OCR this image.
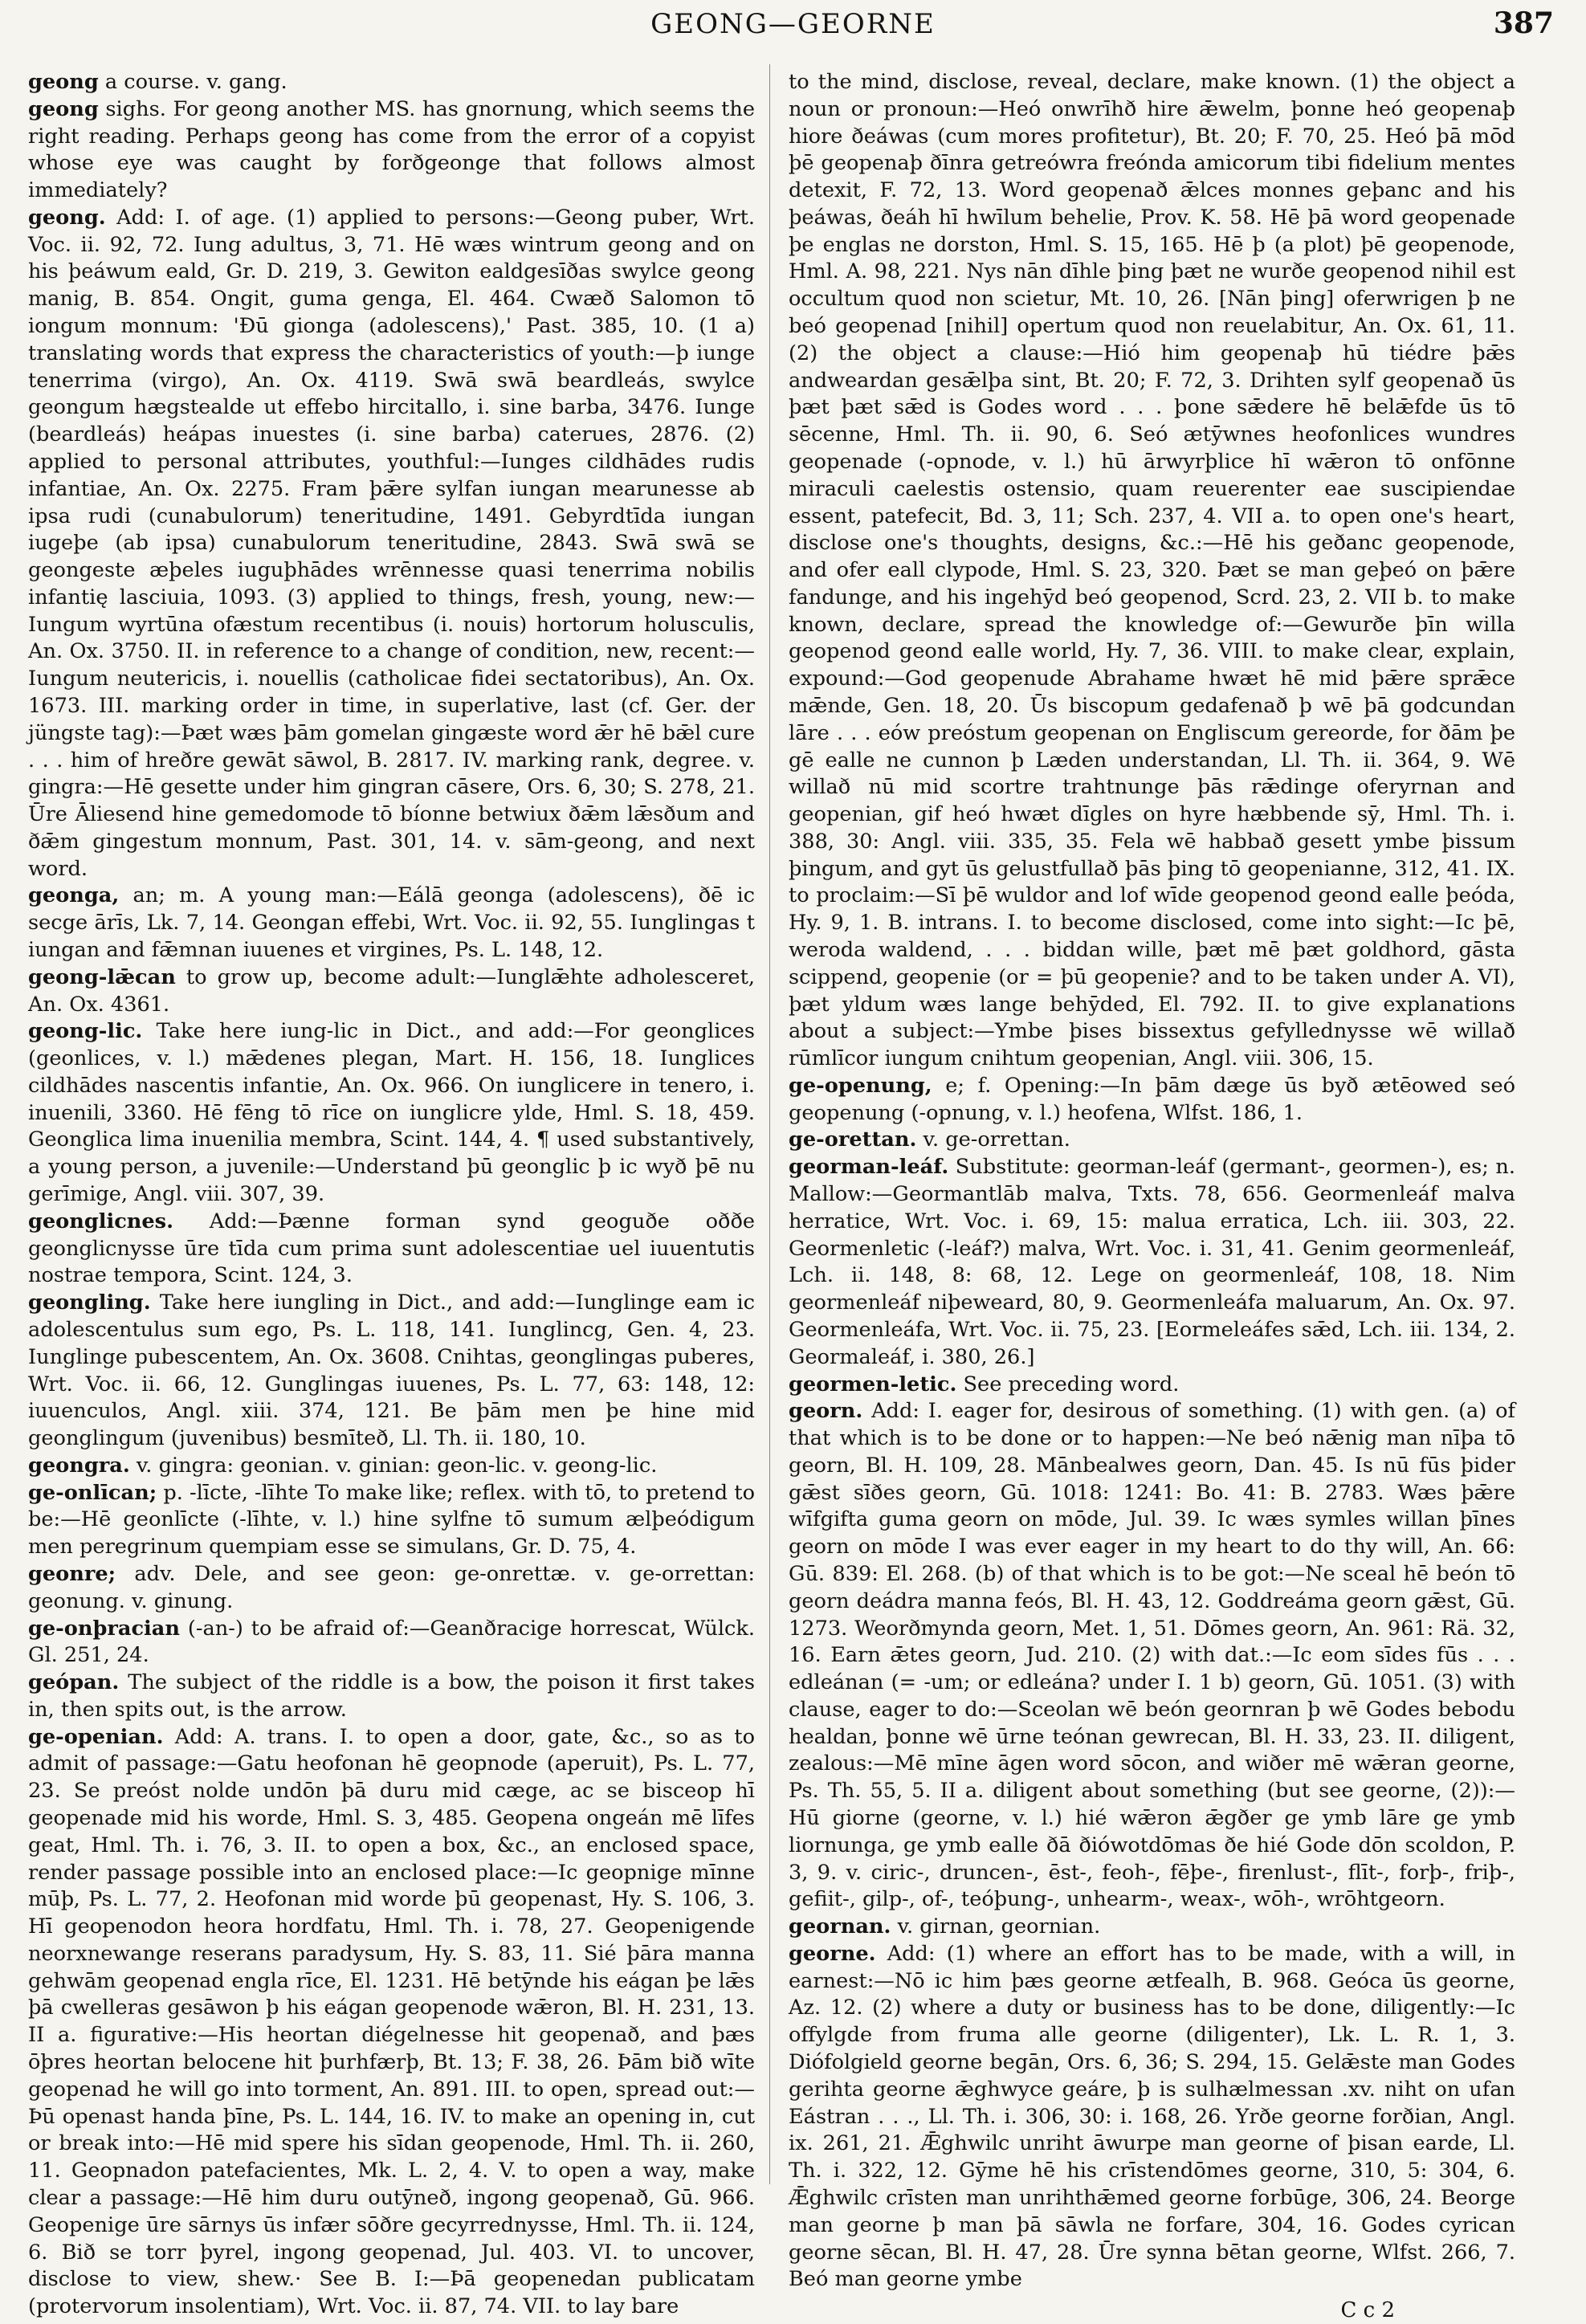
GEONG—GEORNE	387

geong a course. v. gang.

geong sighs. For geong another MS. has gnornung, which seems the right reading. Perhaps geong has come from the error of a copyist whose eye was caught by forðgeonge that follows almost immediately?

geong. Add: I. of age. (1) applied to persons:—Geong puber, Wrt. Voc. ii. 92, 72. Iung adultus, 3, 71. Hē wæs wintrum geong and on his þeáwum eald, Gr. D. 219, 3. Gewiton ealdgesīðas swylce geong manig, B. 854. Ongit, guma genga, El. 464. Cwæð Salomon tō iongum monnum: 'Ðū gionga (adolescens),' Past. 385, 10. (1 a) translating words that express the characteristics of youth:—þ iunge tenerrima (virgo), An. Ox. 4119. Swā swā beardleás, swylce geongum hægstealde ut effebo hircitallo, i. sine barba, 3476. Iunge (beardleás) heápas inuestes (i. sine barba) caterues, 2876. (2) applied to personal attributes, youthful:—Iunges cildhādes rudis infantiae, An. Ox. 2275. Fram þǣre sylfan iungan mearunesse ab ipsa rudi (cunabulorum) teneritudine, 1491. Gebyrdtīda iungan iugeþe (ab ipsa) cunabulorum teneritudine, 2843. Swā swā se geongeste æþeles iuguþhādes wrēnnesse quasi tenerrima nobilis infantię lasciuia, 1093. (3) applied to things, fresh, young, new:—Iungum wyrtūna ofæstum recentibus (i. nouis) hortorum holusculis, An. Ox. 3750. II. in reference to a change of condition, new, recent:—Iungum neutericis, i. nouellis (catholicae fidei sectatoribus), An. Ox. 1673. III. marking order in time, in superlative, last (cf. Ger. der jüngste tag):—Þæt wæs þām gomelan gingæste word ǣr hē bǣl cure . . . him of hreðre gewāt sāwol, B. 2817. IV. marking rank, degree. v. gingra:—Hē gesette under him gingran cāsere, Ors. 6, 30; S. 278, 21. Ūre Āliesend hine gemedomode tō bíonne betwiux ðǣm lǣsðum and ðǣm gingestum monnum, Past. 301, 14. v. sām-geong, and next word.

geonga, an; m. A young man:—Eálā geonga (adolescens), ðē ic secge ārīs, Lk. 7, 14. Geongan effebi, Wrt. Voc. ii. 92, 55. Iunglingas t iungan and fǣmnan iuuenes et virgines, Ps. L. 148, 12.

geong-lǣcan to grow up, become adult:—Iunglǣhte adholesceret, An. Ox. 4361.

geong-lic. Take here iung-lic in Dict., and add:—For geonglices (geonlices, v. l.) mǣdenes plegan, Mart. H. 156, 18. Iunglices cildhādes nascentis infantie, An. Ox. 966. On iunglicere in tenero, i. inuenili, 3360. Hē fēng tō rīce on iunglicre ylde, Hml. S. 18, 459. Geonglica lima inuenilia membra, Scint. 144, 4. ¶ used substantively, a young person, a juvenile:—Understand þū geonglic þ ic wyð þē nu gerīmige, Angl. viii. 307, 39.

geonglicnes. Add:—Þænne forman synd geoguðe oððe geonglicnysse ūre tīda cum prima sunt adolescentiae uel iuuentutis nostrae tempora, Scint. 124, 3.

geongling. Take here iungling in Dict., and add:—Iunglinge eam ic adolescentulus sum ego, Ps. L. 118, 141. Iunglincg, Gen. 4, 23. Iunglinge pubescentem, An. Ox. 3608. Cnihtas, geonglingas puberes, Wrt. Voc. ii. 66, 12. Gunglingas iuuenes, Ps. L. 77, 63: 148, 12: iuuenculos, Angl. xiii. 374, 121. Be þām men þe hine mid geonglingum (juvenibus) besmīteð, Ll. Th. ii. 180, 10.

geongra. v. gingra: geonian. v. ginian: geon-lic. v. geong-lic.

ge-onlīcan; p. -līcte, -līhte To make like; reflex. with tō, to pretend to be:—Hē geonlīcte (-līhte, v. l.) hine sylfne tō sumum ælþeódigum men peregrinum quempiam esse se simulans, Gr. D. 75, 4.

geonre; adv. Dele, and see geon: ge-onrettæ. v. ge-orrettan: geonung. v. ginung.

ge-onþracian (-an-) to be afraid of:—Geanðracige horrescat, Wülck. Gl. 251, 24.

geópan. The subject of the riddle is a bow, the poison it first takes in, then spits out, is the arrow.

ge-openian. Add: A. trans. I. to open a door, gate, &c., so as to admit of passage:—Gatu heofonan hē geopnode (aperuit), Ps. L. 77, 23. Se preóst nolde undōn þā duru mid cæge, ac se bisceop hī geopenade mid his worde, Hml. S. 3, 485. Geopena ongeán mē līfes geat, Hml. Th. i. 76, 3. II. to open a box, &c., an enclosed space, render passage possible into an enclosed place:—Ic geopnige mīnne mūþ, Ps. L. 77, 2. Heofonan mid worde þū geopenast, Hy. S. 106, 3. Hī geopenodon heora hordfatu, Hml. Th. i. 78, 27. Geopenigende neorxnewange reserans paradysum, Hy. S. 83, 11. Sié þāra manna gehwām geopenad engla rīce, El. 1231. Hē betȳnde his eágan þe lǣs þā cwelleras gesāwon þ his eágan geopenode wǣron, Bl. H. 231, 13. II a. figurative:—His heortan diégelnesse hit geopenað, and þæs ōþres heortan belocene hit þurhfærþ, Bt. 13; F. 38, 26. Þām bið wīte geopenad he will go into torment, An. 891. III. to open, spread out:—Þū openast handa þīne, Ps. L. 144, 16. IV. to make an opening in, cut or break into:—Hē mid spere his sīdan geopenode, Hml. Th. ii. 260, 11. Geopnadon patefacientes, Mk. L. 2, 4. V. to open a way, make clear a passage:—Hē him duru outȳneð, ingong geopenað, Gū. 966. Geopenige ūre sārnys ūs infær sōðre gecyrrednysse, Hml. Th. ii. 124, 6. Bið se torr þyrel, ingong geopenad, Jul. 403. VI. to uncover, disclose to view, shew.· See B. I:—Þā geopenedan publicatam (protervorum insolentiam), Wrt. Voc. ii. 87, 74. VII. to lay bare

to the mind, disclose, reveal, declare, make known. (1) the object a noun or pronoun:—Heó onwrīhð hire ǣwelm, þonne heó geopenaþ hiore ðeáwas (cum mores profitetur), Bt. 20; F. 70, 25. Heó þā mōd þē geopenaþ ðīnra getreówra freónda amicorum tibi fidelium mentes detexit, F. 72, 13. Word geopenað ǣlces monnes geþanc and his þeáwas, ðeáh hī hwīlum behelie, Prov. K. 58. Hē þā word geopenade þe englas ne dorston, Hml. S. 15, 165. Hē þ (a plot) þē geopenode, Hml. A. 98, 221. Nys nān dīhle þing þæt ne wurðe geopenod nihil est occultum quod non scietur, Mt. 10, 26. [Nān þing] oferwrigen þ ne beó geopenad [nihil] opertum quod non reuelabitur, An. Ox. 61, 11. (2) the object a clause:—Hió him geopenaþ hū tiédre þǣs andweardan gesǣlþa sint, Bt. 20; F. 72, 3. Drihten sylf geopenað ūs þæt þæt sǣd is Godes word . . . þone sǣdere hē belǣfde ūs tō sēcenne, Hml. Th. ii. 90, 6. Seó ætȳwnes heofonlices wundres geopenade (-opnode, v. l.) hū ārwyrþlice hī wǣron tō onfōnne miraculi caelestis ostensio, quam reuerenter eae suscipiendae essent, patefecit, Bd. 3, 11; Sch. 237, 4. VII a. to open one's heart, disclose one's thoughts, designs, &c.:—Hē his geðanc geopenode, and ofer eall clypode, Hml. S. 23, 320. Þæt se man geþeó on þǣre fandunge, and his ingehȳd beó geopenod, Scrd. 23, 2. VII b. to make known, declare, spread the knowledge of:—Gewurðe þīn willa geopenod geond ealle world, Hy. 7, 36. VIII. to make clear, explain, expound:—God geopenude Abrahame hwæt hē mid þǣre sprǣce mǣnde, Gen. 18, 20. Ūs biscopum gedafenað þ wē þā godcundan lāre . . . eów preóstum geopenan on Engliscum gereorde, for ðām þe gē ealle ne cunnon þ Læden understandan, Ll. Th. ii. 364, 9. Wē willað nū mid scortre trahtnunge þās rǣdinge oferyrnan and geopenian, gif heó hwæt dīgles on hyre hæbbende sȳ, Hml. Th. i. 388, 30: Angl. viii. 335, 35. Fela wē habbað gesett ymbe þissum þingum, and gyt ūs gelustfullað þās þing tō geopenianne, 312, 41. IX. to proclaim:—Sī þē wuldor and lof wīde geopenod geond ealle þeóda, Hy. 9, 1. B. intrans. I. to become disclosed, come into sight:—Ic þē, weroda waldend, . . . biddan wille, þæt mē þæt goldhord, gāsta scippend, geopenie (or = þū geopenie? and to be taken under A. VI), þæt yldum wæs lange behȳded, El. 792. II. to give explanations about a subject:—Ymbe þises bissextus gefyllednysse wē willað rūmlīcor iungum cnihtum geopenian, Angl. viii. 306, 15.

ge-openung, e; f. Opening:—In þām dæge ūs byð ætēowed seó geopenung (-opnung, v. l.) heofena, Wlfst. 186, 1.

ge-orettan. v. ge-orrettan.

georman-leáf. Substitute: georman-leáf (germant-, geormen-), es; n. Mallow:—Geormantlāb malva, Txts. 78, 656. Geormenleáf malva herratice, Wrt. Voc. i. 69, 15: malua erratica, Lch. iii. 303, 22. Geormenletic (-leáf?) malva, Wrt. Voc. i. 31, 41. Genim geormenleáf, Lch. ii. 148, 8: 68, 12. Lege on geormenleáf, 108, 18. Nim geormenleáf niþeweard, 80, 9. Geormenleáfa maluarum, An. Ox. 97. Geormenleáfa, Wrt. Voc. ii. 75, 23. [Eormeleáfes sǣd, Lch. iii. 134, 2. Geormaleáf, i. 380, 26.]

geormen-letic. See preceding word.

georn. Add: I. eager for, desirous of something. (1) with gen. (a) of that which is to be done or to happen:—Ne beó nǣnig man nīþa tō georn, Bl. H. 109, 28. Mānbealwes georn, Dan. 45. Is nū fūs þider gǣst sīðes georn, Gū. 1018: 1241: Bo. 41: B. 2783. Wæs þǣre wīfgifta guma georn on mōde, Jul. 39. Ic wæs symles willan þīnes georn on mōde I was ever eager in my heart to do thy will, An. 66: Gū. 839: El. 268. (b) of that which is to be got:—Ne sceal hē beón tō georn deádra manna feós, Bl. H. 43, 12. Goddreáma georn gǣst, Gū. 1273. Weorðmynda georn, Met. 1, 51. Dōmes georn, An. 961: Rä. 32, 16. Earn ǣtes georn, Jud. 210. (2) with dat.:—Ic eom sīdes fūs . . . edleánan (= -um; or edleána? under I. 1 b) georn, Gū. 1051. (3) with clause, eager to do:—Sceolan wē beón geornran þ wē Godes bebodu healdan, þonne wē ūrne teónan gewrecan, Bl. H. 33, 23. II. diligent, zealous:—Mē mīne āgen word sōcon, and wiðer mē wǣran georne, Ps. Th. 55, 5. II a. diligent about something (but see georne, (2)):—Hū giorne (georne, v. l.) hié wǣron ǣgðer ge ymb lāre ge ymb liornunga, ge ymb ealle ðā ðiówotdōmas ðe hié Gode dōn scoldon, P. 3, 9. v. ciric-, druncen-, ēst-, feoh-, fēþe-, firenlust-, flīt-, forþ-, friþ-, gefiit-, gilp-, of-, teóþung-, unhearm-, weax-, wōh-, wrōhtgeorn.

geornan. v. girnan, geornian.

georne. Add: (1) where an effort has to be made, with a will, in earnest:—Nō ic him þæs georne ætfealh, B. 968. Geóca ūs georne, Az. 12. (2) where a duty or business has to be done, diligently:—Ic offylgde from fruma alle georne (diligenter), Lk. L. R. 1, 3. Diófolgield georne begān, Ors. 6, 36; S. 294, 15. Gelǣste man Godes gerihta georne ǣghwyce geáre, þ is sulhælmessan .xv. niht on ufan Eástran . . ., Ll. Th. i. 306, 30: i. 168, 26. Yrðe georne forðian, Angl. ix. 261, 21. Ǣghwilc unriht āwurpe man georne of þisan earde, Ll. Th. i. 322, 12. Gȳme hē his crīstendōmes georne, 310, 5: 304, 6. Ǣghwilc crīsten man unrihthǣmed georne forbūge, 306, 24. Beorge man georne þ man þā sāwla ne forfare, 304, 16. Godes cyrican georne sēcan, Bl. H. 47, 28. Ūre synna bētan georne, Wlfst. 266, 7. Beó man georne ymbe

C c 2
